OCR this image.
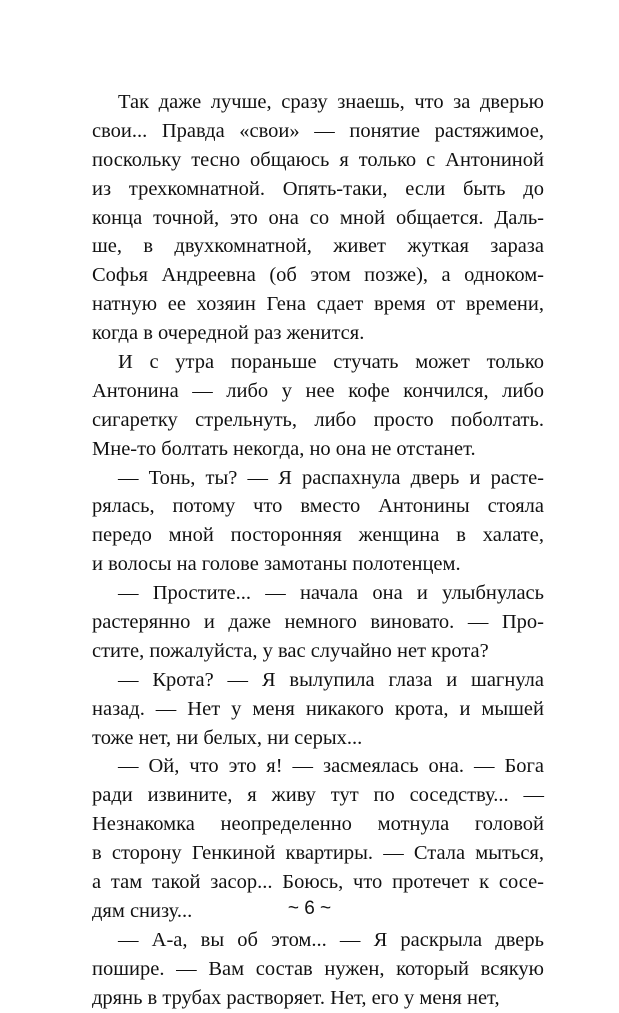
Так даже лучше, сразу знаешь, что за дверью
свои... Правда «свои» — понятие растяжимое,
поскольку тесно общаюсь я только с Антониной
из трехкомнатной. Опять-таки, если быть до
конца точной, это она со мной общается. Даль-
ше, в двухкомнатной, живет жуткая зараза
Софья Андреевна (об этом позже), а одноком-
натную ее хозяин Гена сдает время от времени,
когда в очередной раз женится.
И с утра пораньше стучать может только
Антонина — либо у нее кофе кончился, либо
сигаретку стрельнуть, либо просто поболтать.
Мне-то болтать некогда, но она не отстанет.
— Тонь, ты? — Я распахнула дверь и расте-
рялась, потому что вместо Антонины стояла
передо мной посторонняя женщина в халате,
и волосы на голове замотаны полотенцем.
— Простите... — начала она и улыбнулась
растерянно и даже немного виновато. — Про-
стите, пожалуйста, у вас случайно нет крота?
— Крота? — Я вылупила глаза и шагнула
назад. — Нет у меня никакого крота, и мышей
тоже нет, ни белых, ни серых...
— Ой, что это я! — засмеялась она. — Бога
ради извините, я живу тут по соседству... —
Незнакомка неопределенно мотнула головой
в сторону Генкиной квартиры. — Стала мыться,
а там такой засор... Боюсь, что протечет к сосе-
дям снизу...
— А-а, вы об этом... — Я раскрыла дверь
пошире. — Вам состав нужен, который всякую
дрянь в трубах растворяет. Нет, его у меня нет,
~ 6 ~
